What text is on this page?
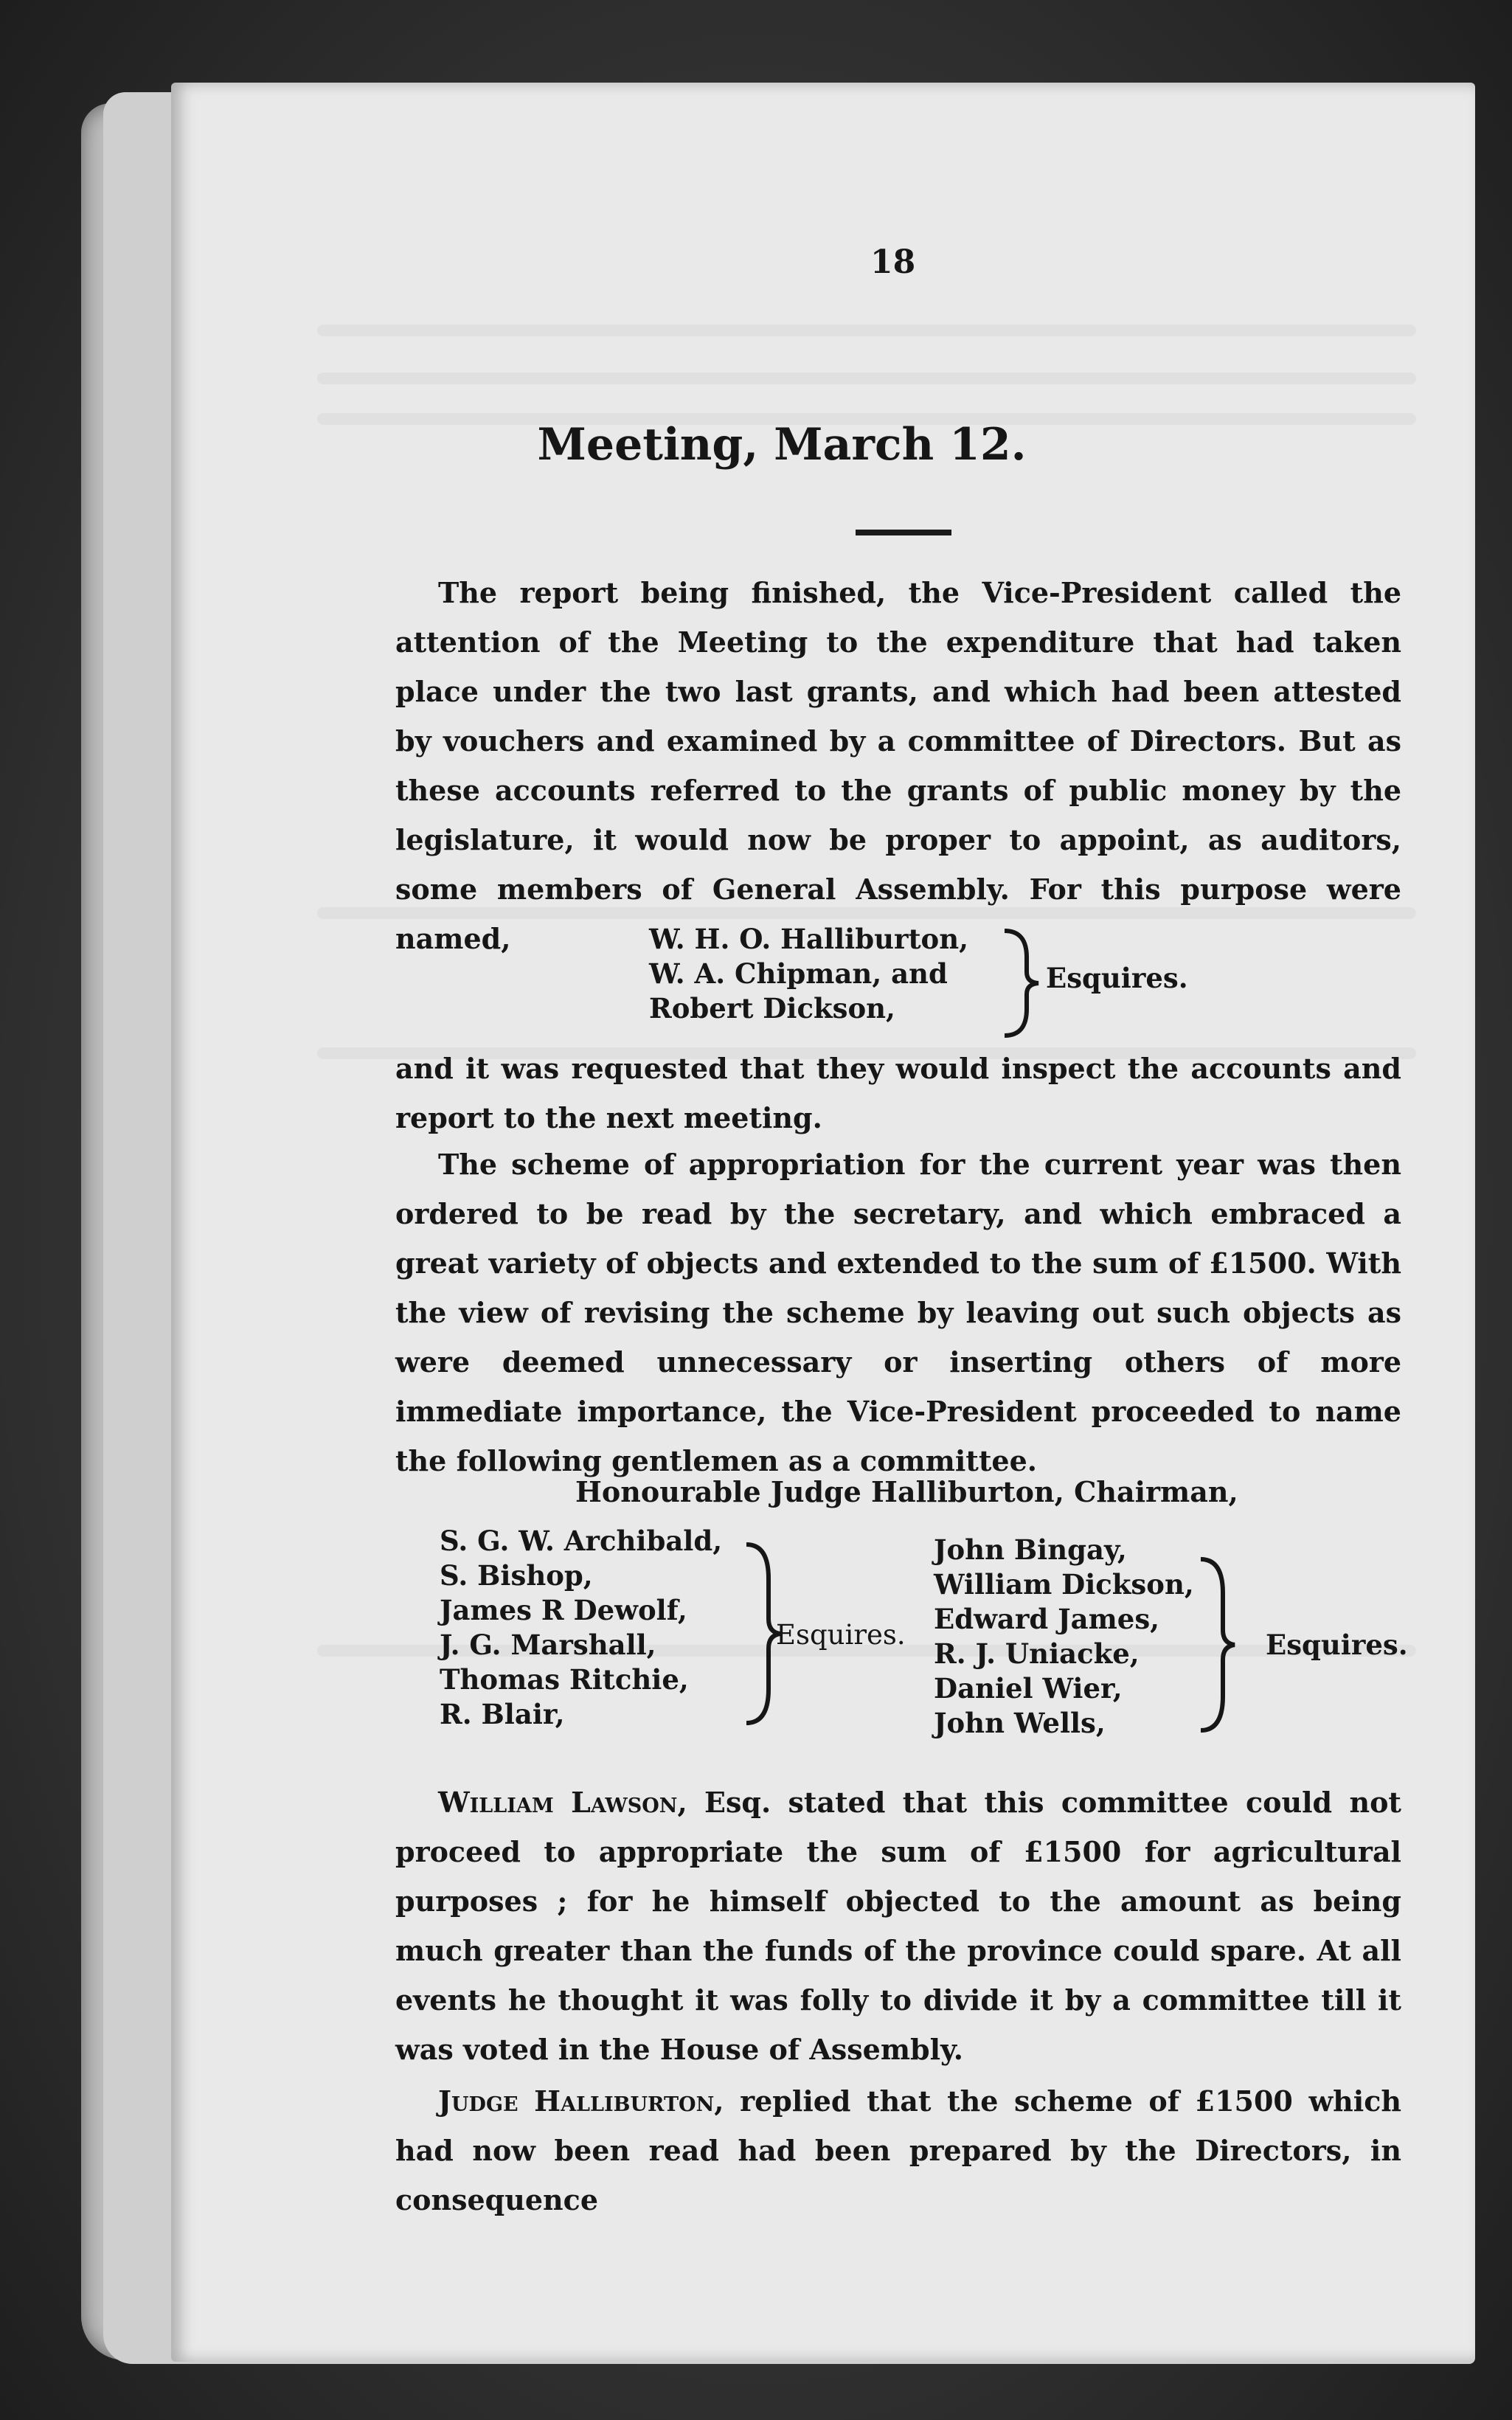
18
Meeting, March 12.

The report being finished, the Vice-President called the attention of the Meeting to the expenditure that had taken place under the two last grants, and which had been attested by vouchers and examined by a committee of Directors. But as these accounts referred to the grants of public money by the legislature, it would now be proper to appoint, as auditors, some members of General Assembly. For this purpose were named,	W. H. O. Halliburton,
W. A. Chipman, and
Robert Dickson,
Esquires.

and it was requested that they would inspect the accounts and report to the next meeting.

The scheme of appropriation for the current year was then ordered to be read by the secretary, and which embraced a great variety of objects and extended to the sum of £1500. With the view of revising the scheme by leaving out such objects as were deemed unnecessary or inserting others of more immediate importance, the Vice-President proceeded to name the following gentlemen as a committee.

Honourable Judge Halliburton, Chairman,
S. G. W. Archibald,
S. Bishop,
James R Dewolf,
J. G. Marshall,
Thomas Ritchie,
R. Blair,
Esquires.
John Bingay,
William Dickson,
Edward James,
R. J. Uniacke,
Daniel Wier,
John Wells,
Esquires.

William Lawson, Esq. stated that this committee could not proceed to appropriate the sum of £1500 for agricultural purposes ; for he himself objected to the amount as being much greater than the funds of the province could spare. At all events he thought it was folly to divide it by a committee till it was voted in the House of Assembly.

Judge Halliburton, replied that the scheme of £1500 which had now been read had been prepared by the Directors, in consequence
